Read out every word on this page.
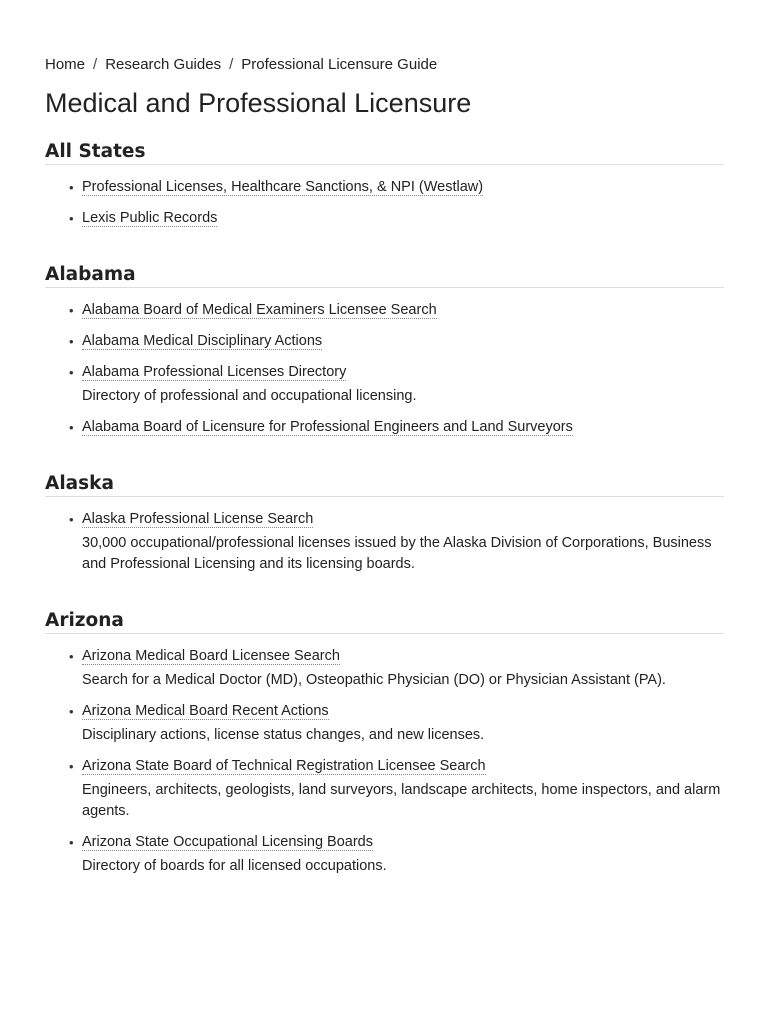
Home / Research Guides / Professional Licensure Guide
Medical and Professional Licensure
All States
• Professional Licenses, Healthcare Sanctions, & NPI (Westlaw)
• Lexis Public Records
Alabama
• Alabama Board of Medical Examiners Licensee Search
• Alabama Medical Disciplinary Actions
• Alabama Professional Licenses Directory
Directory of professional and occupational licensing.
• Alabama Board of Licensure for Professional Engineers and Land Surveyors
Alaska
• Alaska Professional License Search
30,000 occupational/professional licenses issued by the Alaska Division of Corporations, Business and Professional Licensing and its licensing boards.
Arizona
• Arizona Medical Board Licensee Search
Search for a Medical Doctor (MD), Osteopathic Physician (DO) or Physician Assistant (PA).
• Arizona Medical Board Recent Actions
Disciplinary actions, license status changes, and new licenses.
• Arizona State Board of Technical Registration Licensee Search
Engineers, architects, geologists, land surveyors, landscape architects, home inspectors, and alarm agents.
• Arizona State Occupational Licensing Boards
Directory of boards for all licensed occupations.
